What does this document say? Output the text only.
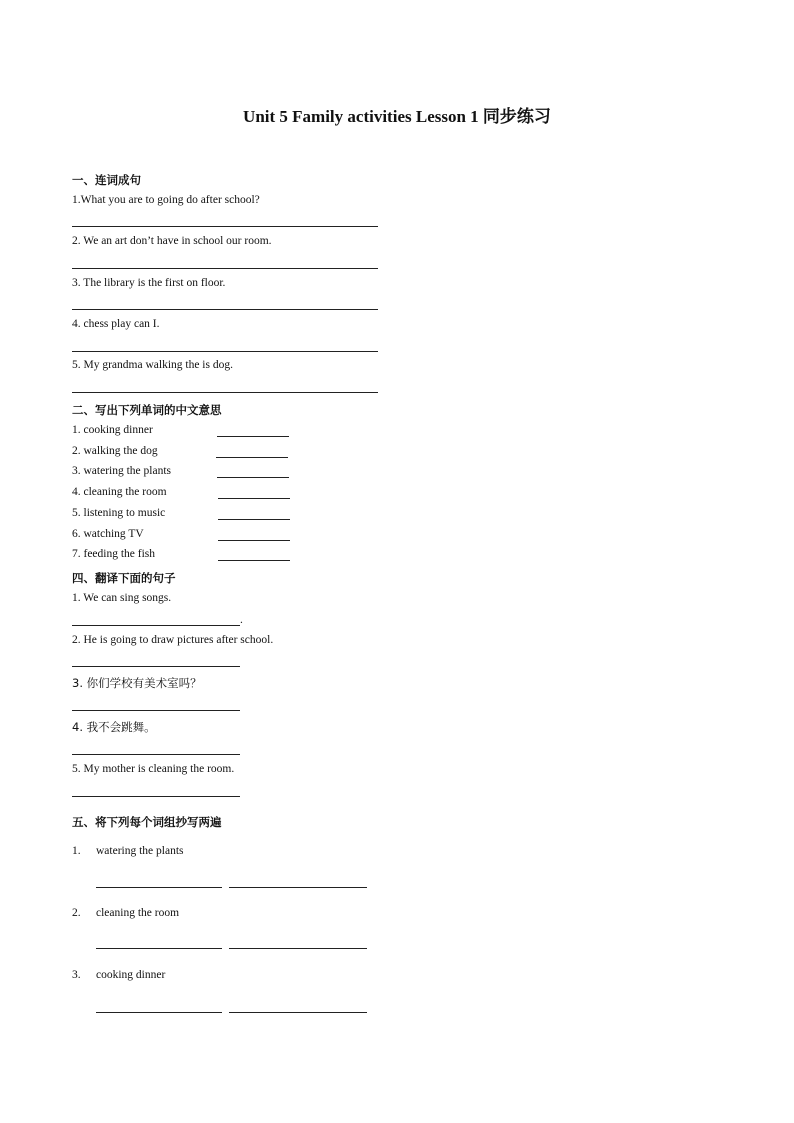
Unit 5 Family activities Lesson 1 同步练习
一、连词成句
1.What you are to going do after school?
2. We an art don’t have in school our room.
3. The library is the first on floor.
4. chess play can I.
5. My grandma walking the is dog.
二、写出下列单词的中文意思
1. cooking dinner
2. walking the dog
3. watering the plants
4. cleaning the room
5. listening to music
6. watching TV
7. feeding the fish
四、翻译下面的句子
1. We can sing songs.
.
2. He is going to draw pictures after school.
3. 你们学校有美术室吗？
4. 我不会跳舞。
5. My mother is cleaning the room.
五、将下列每个词组抄写两遍
1. watering the plants
2. cleaning the room
3. cooking dinner
